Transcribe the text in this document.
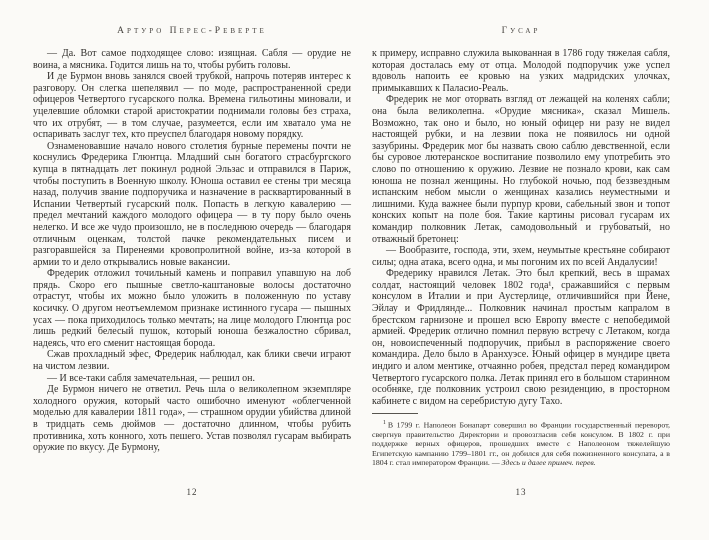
Артуро Перес-Реверте

— Да. Вот самое подходящее слово: изящная. Сабля — орудие не воина, а мясника. Годится лишь на то, чтобы рубить головы.

И де Бурмон вновь занялся своей трубкой, напрочь потеряв интерес к разговору. Он слегка шепелявил — по моде, распространенной среди офицеров Четвертого гусарского полка. Времена гильотины миновали, и уцелевшие обломки старой аристократии поднимали головы без страха, что их отрубят, — в том случае, разумеется, если им хватало ума не оспаривать заслуг тех, кто преуспел благодаря новому порядку.

Ознаменовавшие начало нового столетия бурные перемены почти не коснулись Фредерика Глюнтца. Младший сын богатого страсбургского купца в пятнадцать лет покинул родной Эльзас и отправился в Париж, чтобы поступить в Военную школу. Юноша оставил ее стены три месяца назад, получив звание подпоручика и назначение в расквартированный в Испании Четвертый гусарский полк. Попасть в легкую кавалерию — предел мечтаний каждого молодого офицера — в ту пору было очень нелегко. И все же чудо произошло, не в последнюю очередь — благодаря отличным оценкам, толстой пачке рекомендательных писем и разгоравшейся за Пиренеями кровопролитной войне, из-за которой в армии то и дело открывались новые вакансии.

Фредерик отложил точильный камень и поправил упавшую на лоб прядь. Скоро его пышные светло-каштановые волосы достаточно отрастут, чтобы их можно было уложить в положенную по уставу косичку. О другом неотъемлемом признаке истинного гусара — пышных усах — пока приходилось только мечтать; на лице молодого Глюнтца рос лишь редкий белесый пушок, который юноша безжалостно сбривал, надеясь, что его сменит настоящая борода.

Сжав прохладный эфес, Фредерик наблюдал, как блики свечи играют на чистом лезвии.

— И все-таки сабля замечательная, — решил он.

Де Бурмон ничего не ответил. Речь шла о великолепном экземпляре холодного оружия, который часто ошибочно именуют «облегченной моделью для кавалерии 1811 года», — страшном орудии убийства длиной в тридцать семь дюймов — достаточно длинном, чтобы рубить противника, хоть конного, хоть пешего. Устав позволял гусарам выбирать оружие по вкусу. Де Бурмону,

Гусар

к примеру, исправно служила выкованная в 1786 году тяжелая сабля, которая досталась ему от отца. Молодой подпоручик уже успел вдоволь напоить ее кровью на узких мадридских улочках, примыкавших к Паласио-Реаль.

Фредерик не мог оторвать взгляд от лежащей на коленях сабли; она была великолепна. «Орудие мясника», сказал Мишель. Возможно, так оно и было, но юный офицер ни разу не видел настоящей рубки, и на лезвии пока не появилось ни одной зазубрины. Фредерик мог бы назвать свою саблю девственной, если бы суровое лютеранское воспитание позволило ему употребить это слово по отношению к оружию. Лезвие не познало крови, как сам юноша не познал женщины. Но глубокой ночью, под беззвездным испанским небом мысли о женщинах казались неуместными и лишними. Куда важнее были пурпур крови, сабельный звон и топот конских копыт на поле боя. Такие картины рисовал гусарам их командир полковник Летак, самодовольный и грубоватый, но отважный бретонец:

— Вообразите, господа, эти, эхем, неумытые крестьяне собирают силы; одна атака, всего одна, и мы погоним их по всей Андалусии!

Фредерику нравился Летак. Это был крепкий, весь в шрамах солдат, настоящий человек 1802 года¹, сражавшийся с первым консулом в Италии и при Аустерлице, отличившийся при Йене, Эйлау и Фридлянде... Полковник начинал простым капралом в брестском гарнизоне и прошел всю Европу вместе с непобедимой армией. Фредерик отлично помнил первую встречу с Летаком, когда он, новоиспеченный подпоручик, прибыл в распоряжение своего командира. Дело было в Аранхуэсе. Юный офицер в мундире цвета индиго и алом ментике, отчаянно робея, предстал перед командиром Четвертого гусарского полка. Летак принял его в большом старинном особняке, где полковник устроил свою резиденцию, в просторном кабинете с видом на серебристую дугу Тахо.

$^1$ В 1799 г. Наполеон Бонапарт совершил во Франции государственный переворот, свергнув правительство Директории и провозгласив себя консулом. В 1802 г. при поддержке верных офицеров, прошедших вместе с Наполеоном тяжелейшую Египетскую кампанию 1799–1801 гг., он добился для себя пожизненного консулата, а в 1804 г. стал императором Франции. — Здесь и далее примеч. перев.

12	13
